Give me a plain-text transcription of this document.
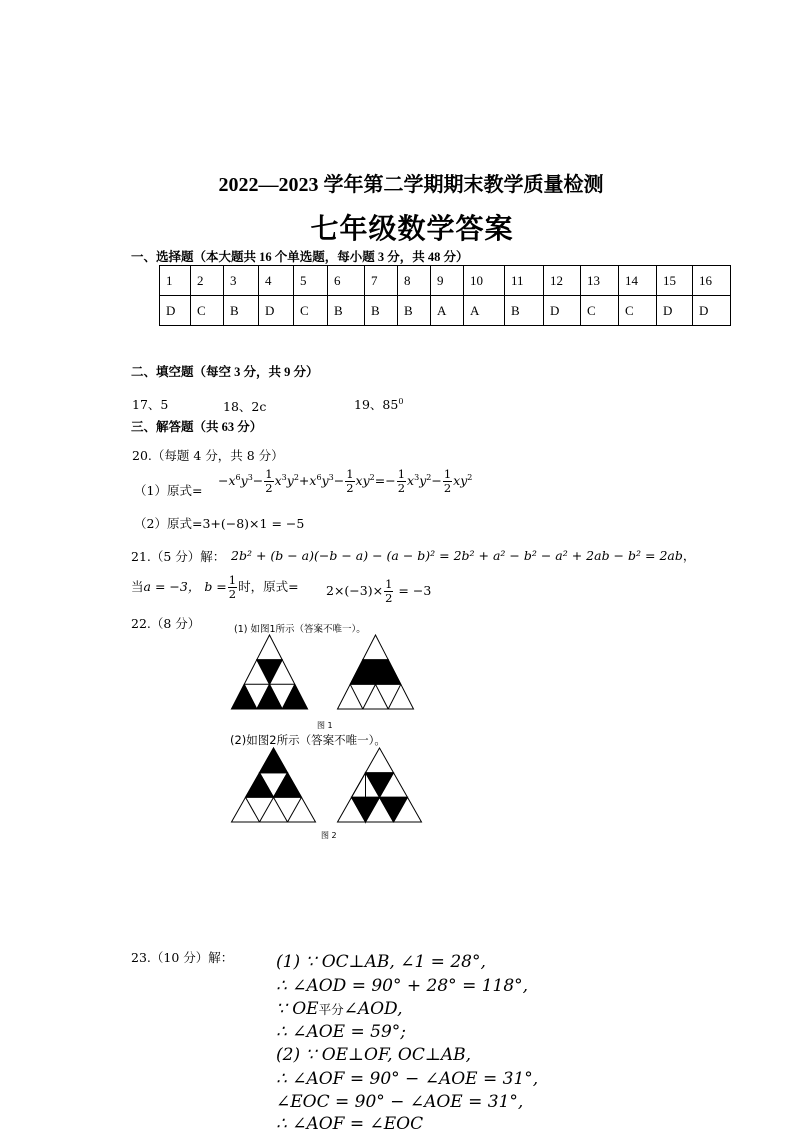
2022—2023 学年第二学期期末教学质量检测
七年级数学答案
一、选择题（本大题共 16 个单选题，每小题 3 分，共 48 分）
1	2	3	4	5	6	7	8	9	10	11	12	13	14	15	16
D	C	B	D	C	B	B	B	A	A	B	D	C	C	D	D
二、填空题（每空 3 分，共 9 分）
17、5	18、2c	19、$85^0$
三、解答题（共 63 分）
20.（每题 4 分，共 8 分）
（1）原式=
$-x^6y^3- \frac{1}{2} x^3y^2+x^6y^3- \frac{1}{2} xy^2=- \frac{1}{2} x^3y^2- \frac{1}{2} xy^2$
（2）原式=3+(−8)×1 = −5
21.（5 分）解： 2b² + (b − a)(−b − a) − (a − b)² = 2b² + a² − b² − a² + 2ab − b² = 2ab，
当a = −3， $b = \frac{1}{2}$ 时，原式= $2\times(-3)\times \frac{1}{2} = -3$
22.（8 分）	(1) 如图1所示（答案不唯一）。
图 1
(2)如图2所示（答案不唯一）。
图 2
23.（10 分）解：	(1) ∵ OC⊥AB, ∠1 = 28°,
∴ ∠AOD = 90° + 28° = 118°,
∵ OE平分∠AOD,
∴ ∠AOE = 59°;
(2) ∵ OE⊥OF, OC⊥AB,
∴ ∠AOF = 90° − ∠AOE = 31°,
∠EOC = 90° − ∠AOE = 31°,
∴ ∠AOF = ∠EOC
